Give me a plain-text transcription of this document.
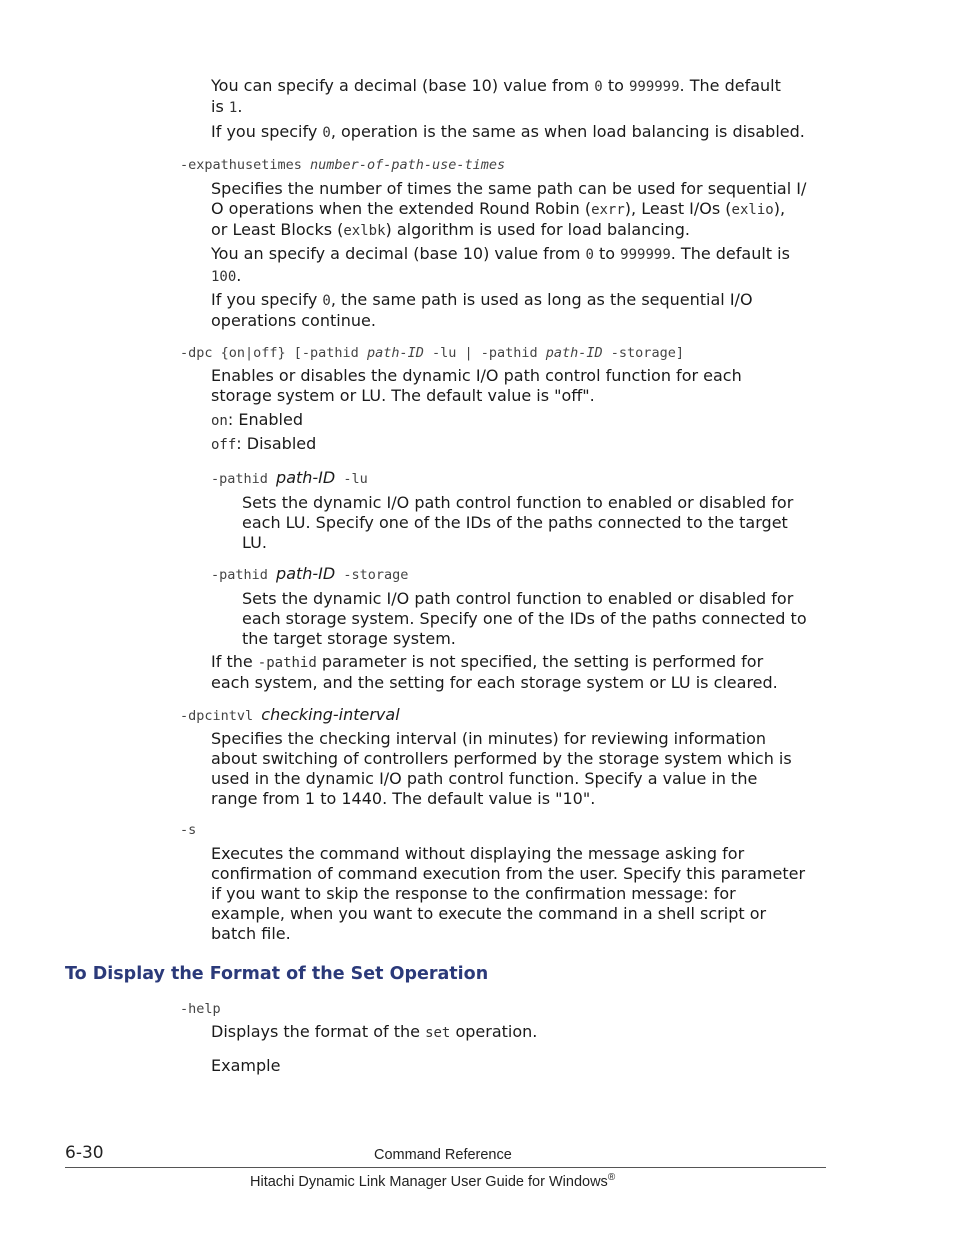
You can specify a decimal (base 10) value from 0 to 999999. The default

is 1.

If you specify 0, operation is the same as when load balancing is disabled.

-expathusetimes number-of-path-use-times

Specifies the number of times the same path can be used for sequential I/
O operations when the extended Round Robin (exrr), Least I/Os (exlio),
or Least Blocks (exlbk) algorithm is used for load balancing.
You an specify a decimal (base 10) value from 0 to 999999. The default is
100.
If you specify 0, the same path is used as long as the sequential I/O
operations continue.

-dpc {on|off} [-pathid path-ID -lu | -pathid path-ID -storage]

Enables or disables the dynamic I/O path control function for each
storage system or LU. The default value is "off".

on: Enabled

off: Disabled

-pathid path-ID -lu

Sets the dynamic I/O path control function to enabled or disabled for
each LU. Specify one of the IDs of the paths connected to the target
LU.

-pathid path-ID -storage

Sets the dynamic I/O path control function to enabled or disabled for
each storage system. Specify one of the IDs of the paths connected to
the target storage system.
If the -pathid parameter is not specified, the setting is performed for
each system, and the setting for each storage system or LU is cleared.

-dpcintvl checking-interval

Specifies the checking interval (in minutes) for reviewing information
about switching of controllers performed by the storage system which is
used in the dynamic I/O path control function. Specify a value in the
range from 1 to 1440. The default value is "10".

-s

Executes the command without displaying the message asking for
confirmation of command execution from the user. Specify this parameter
if you want to skip the response to the confirmation message: for
example, when you want to execute the command in a shell script or
batch file.
To Display the Format of the Set Operation

-help

Displays the format of the set operation.

Example

6-30	Command Reference
Hitachi Dynamic Link Manager User Guide for Windows®
